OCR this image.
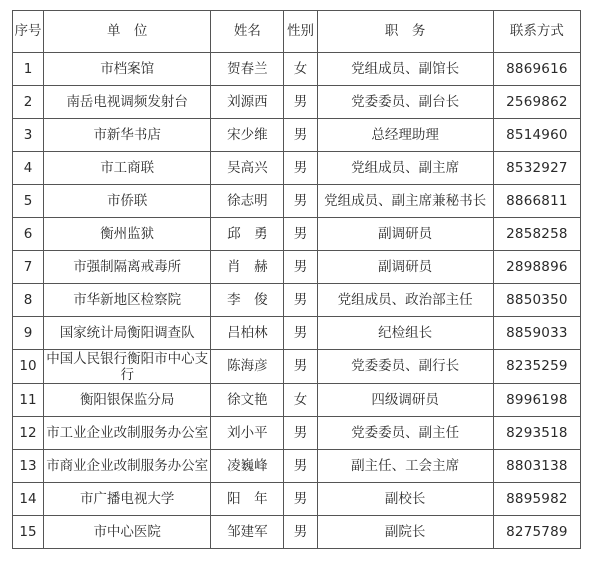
序号	单　位	姓名	性别	职　务	联系方式
1	市档案馆	贺春兰	女	党组成员、副馆长	8869616
2	南岳电视调频发射台	刘源西	男	党委委员、副台长	2569862
3	市新华书店	宋少维	男	总经理助理	8514960
4	市工商联	吴高兴	男	党组成员、副主席	8532927
5	市侨联	徐志明	男	党组成员、副主席兼秘书长	8866811
6	衡州监狱	邱　勇	男	副调研员	2858258
7	市强制隔离戒毒所	肖　赫	男	副调研员	2898896
8	市华新地区检察院	李　俊	男	党组成员、政治部主任	8850350
9	国家统计局衡阳调查队	吕柏林	男	纪检组长	8859033
10	中国人民银行衡阳市中心支行	陈海彦	男	党委委员、副行长	8235259
11	衡阳银保监分局	徐文艳	女	四级调研员	8996198
12	市工业企业改制服务办公室	刘小平	男	党委委员、副主任	8293518
13	市商业企业改制服务办公室	凌巍峰	男	副主任、工会主席	8803138
14	市广播电视大学	阳　年	男	副校长	8895982
15	市中心医院	邹建军	男	副院长	8275789
